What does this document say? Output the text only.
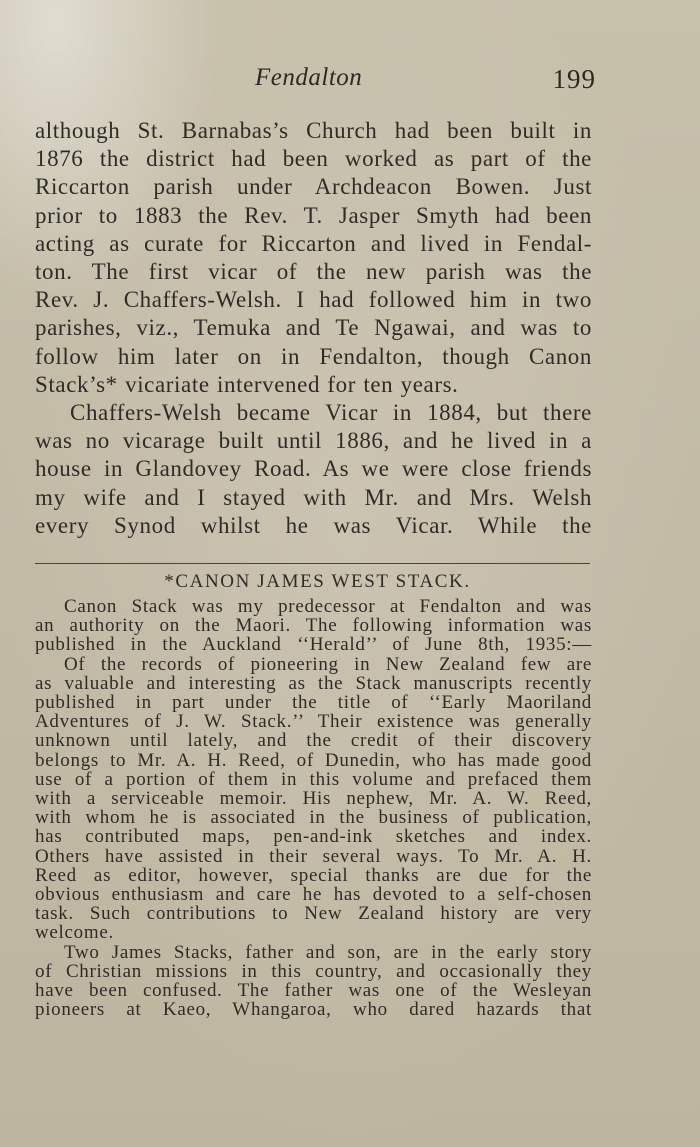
Fendalton	199
although St. Barnabas’s Church had been built in
1876 the district had been worked as part of the
Riccarton parish under Archdeacon Bowen. Just
prior to 1883 the Rev. T. Jasper Smyth had been
acting as curate for Riccarton and lived in Fendal-
ton. The first vicar of the new parish was the
Rev. J. Chaffers-Welsh. I had followed him in two
parishes, viz., Temuka and Te Ngawai, and was to
follow him later on in Fendalton, though Canon
Stack’s* vicariate intervened for ten years.
Chaffers-Welsh became Vicar in 1884, but there
was no vicarage built until 1886, and he lived in a
house in Glandovey Road. As we were close friends
my wife and I stayed with Mr. and Mrs. Welsh
every Synod whilst he was Vicar. While the
*CANON JAMES WEST STACK.
Canon Stack was my predecessor at Fendalton and was
an authority on the Maori. The following information was
published in the Auckland ‘‘Herald’’ of June 8th, 1935:—
Of the records of pioneering in New Zealand few are
as valuable and interesting as the Stack manuscripts recently
published in part under the title of ‘‘Early Maoriland
Adventures of J. W. Stack.’’ Their existence was generally
unknown until lately, and the credit of their discovery
belongs to Mr. A. H. Reed, of Dunedin, who has made good
use of a portion of them in this volume and prefaced them
with a serviceable memoir. His nephew, Mr. A. W. Reed,
with whom he is associated in the business of publication,
has contributed maps, pen-and-ink sketches and index.
Others have assisted in their several ways. To Mr. A. H.
Reed as editor, however, special thanks are due for the
obvious enthusiasm and care he has devoted to a self-chosen
task. Such contributions to New Zealand history are very
welcome.
Two James Stacks, father and son, are in the early story
of Christian missions in this country, and occasionally they
have been confused. The father was one of the Wesleyan
pioneers at Kaeo, Whangaroa, who dared hazards that
